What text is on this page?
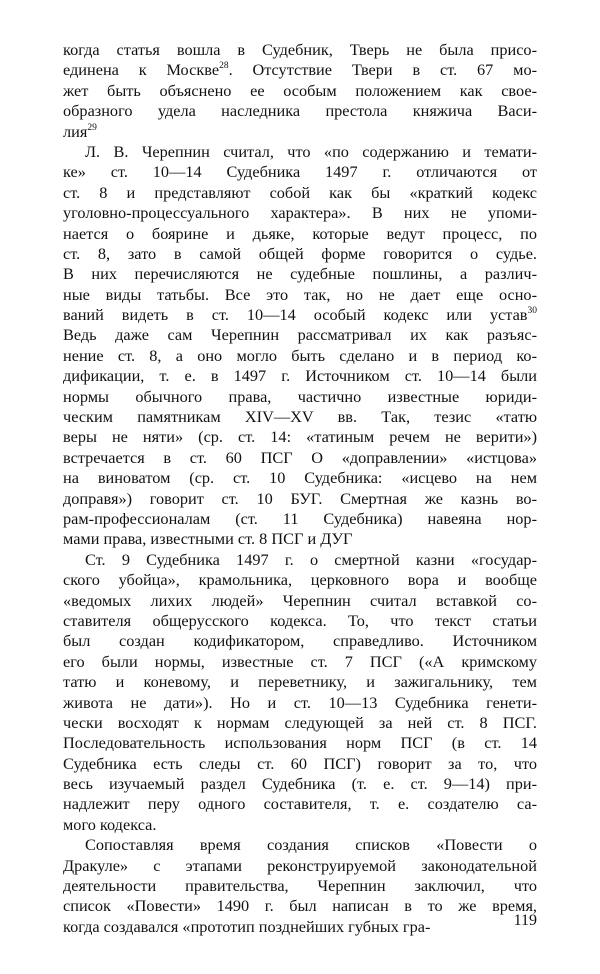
когда статья вошла в Судебник, Тверь не была присо-
единена к Москве$^{28}$. Отсутствие Твери в ст. 67 мо-
жет быть объяснено ее особым положением как свое-
образного удела наследника престола княжича Васи-
лия$^{29}$
Л. В. Черепнин считал, что «по содержанию и темати-
ке» ст. 10—14 Судебника 1497 г. отличаются от
ст. 8 и представляют собой как бы «краткий кодекс
уголовно-процессуального характера». В них не упоми-
нается о боярине и дьяке, которые ведут процесс, по
ст. 8, зато в самой общей форме говорится о судье.
В них перечисляются не судебные пошлины, а различ-
ные виды татьбы. Все это так, но не дает еще осно-
ваний видеть в ст. 10—14 особый кодекс или устав$^{30}$
Ведь даже сам Черепнин рассматривал их как разъяс-
нение ст. 8, а оно могло быть сделано и в период ко-
дификации, т. е. в 1497 г. Источником ст. 10—14 были
нормы обычного права, частично известные юриди-
ческим памятникам XIV—XV вв. Так, тезис «татю
веры не няти» (ср. ст. 14: «татиным речем не верити»)
встречается в ст. 60 ПСГ О «доправлении» «истцова»
на виноватом (ср. ст. 10 Судебника: «исцево на нем
доправя») говорит ст. 10 БУГ. Смертная же казнь во-
рам-профессионалам (ст. 11 Судебника) навеяна нор-
мами права, известными ст. 8 ПСГ и ДУГ
Ст. 9 Судебника 1497 г. о смертной казни «государ-
ского убойца», крамольника, церковного вора и вообще
«ведомых лихих людей» Черепнин считал вставкой со-
ставителя общерусского кодекса. То, что текст статьи
был создан кодификатором, справедливо. Источником
его были нормы, известные ст. 7 ПСГ («А кримскому
татю и коневому, и переветнику, и зажигальнику, тем
живота не дати»). Но и ст. 10—13 Судебника генети-
чески восходят к нормам следующей за ней ст. 8 ПСГ.
Последовательность использования норм ПСГ (в ст. 14
Судебника есть следы ст. 60 ПСГ) говорит за то, что
весь изучаемый раздел Судебника (т. е. ст. 9—14) при-
надлежит перу одного составителя, т. е. создателю са-
мого кодекса.
Сопоставляя время создания списков «Повести о
Дракуле» с этапами реконструируемой законодательной
деятельности правительства, Черепнин заключил, что
список «Повести» 1490 г. был написан в то же время,
когда создавался «прототип позднейших губных гра-	119
